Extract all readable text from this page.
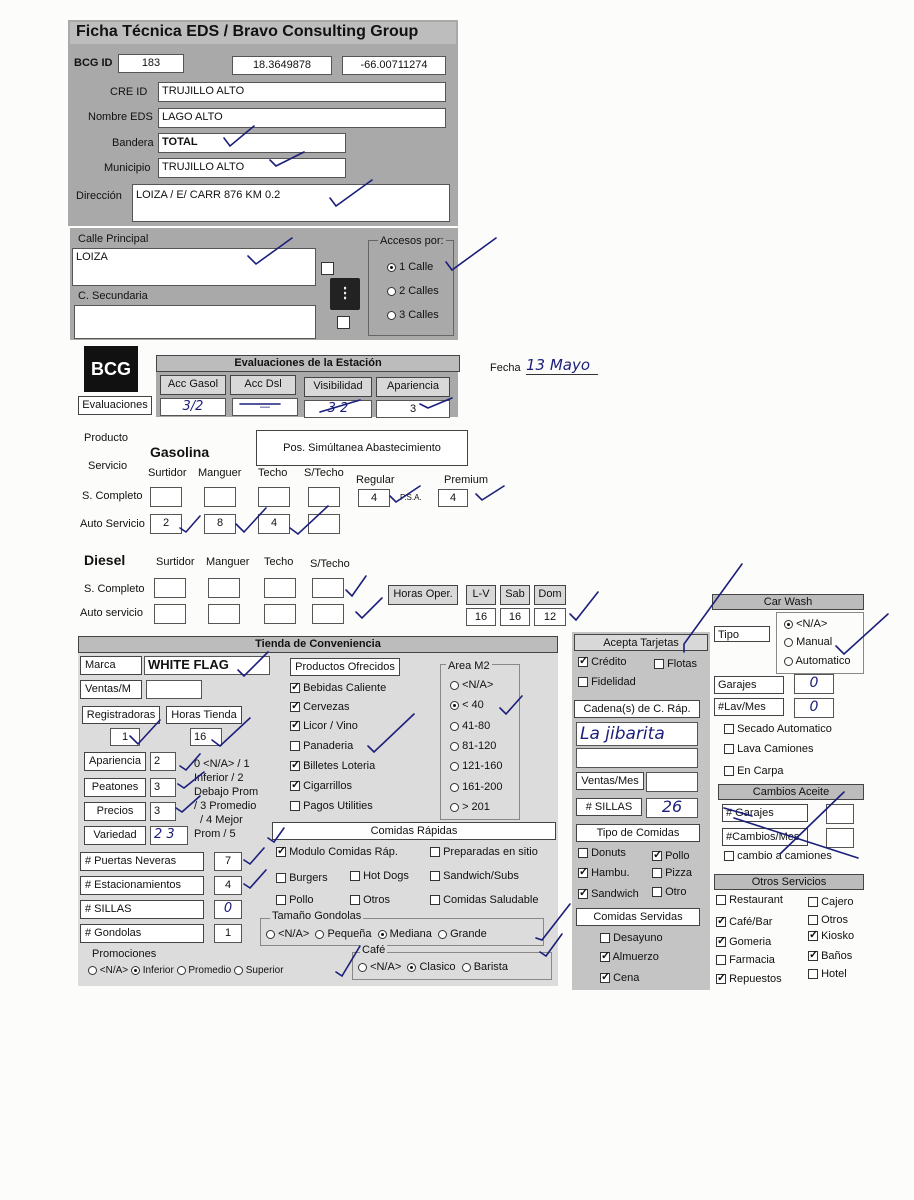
Ficha Técnica EDS / Bravo Consulting Group
BCG ID	183	18.3649878	-66.00711274
CRE ID	TRUJILLO ALTO
Nombre EDS LAGO ALTO
Bandera TOTAL
Municipio	TRUJILLO ALTO
Dirección	LOIZA / E/ CARR 876 KM 0.2
Calle Principal
LOIZA
C. Secundaria
	⁝
Accesos por:
1 Calle
2 Calles
3 Calles
BCG	Evaluaciones de la Estación
Acc Gasol	Acc Dsl	Visibilidad	Apariencia
Evaluaciones	3/2	—	3 2	3
Fecha 13 Mayo
Producto
Servicio
Gasolina	Pos. Simúltanea Abastecimiento
Surtidor Manguer Techo S/Techo
Regular	Premium
4	P.S.A.	4
S. Completo
Auto Servicio	2	8	4
Diesel	Surtidor Manguer Techo S/Techo
S. Completo
Auto servicio
Horas Oper.	L-V	Sab	Dom
16	16	12
Tienda de Conveniencia
Marca	WHITE FLAG
Ventas/M
Registradoras	Horas Tienda
1	16
Apariencia	2
Peatones	3
Precios	3
Variedad	2 3
0 <N/A> / 1
Inferior / 2
Debajo Prom
/ 3 Promedio
/ 4 Mejor
Prom / 5
# Puertas Neveras	7
# Estacionamientos	4
# SILLAS	0
# Gondolas	1
Promociones
<N/A> Inferior Promedio Superior
Productos Ofrecidos
✓ Bebidas Caliente
✓ Cervezas
✓ Licor / Vino
Panaderia
✓ Billetes Loteria
✓ Cigarrillos
Pagos Utilities
Area M2
<N/A>
< 40
41-80
81-120
121-160
161-200
> 201
Comidas Rápidas
✓ Modulo Comidas Ráp.	Preparadas en sitio
Burgers	Hot Dogs	Sandwich/Subs
Pollo	Otros	Comidas Saludable
Tamaño Gondolas
<N/A> Pequeña Mediana Grande
Café
<N/A> Clasico Barista
Acepta Tarjetas
✓ Crédito	Flotas
Fidelidad
Cadena(s) de C. Ráp.
La jibarita
Ventas/Mes
# SILLAS	26
Tipo de Comidas
Donuts ✓	Pollo
✓ Hambu.	Pizza
✓ Sandwich	Otro
Comidas Servidas
Desayuno
✓ Almuerzo
✓ Cena
Car Wash
Tipo
<N/A>
Manual
Automatico
Garajes	0
#Lav/Mes	0
Secado Automatico
Lava Camiones
En Carpa
Cambios Aceite
# Garajes
#Cambios/Mes
cambio a camiones
Otros Servicios
Restaurant	Cajero
✓ Café/Bar	Otros
✓ Gomeria ✓	Kiosko
Farmacia ✓	Baños
✓ Repuestos	Hotel
